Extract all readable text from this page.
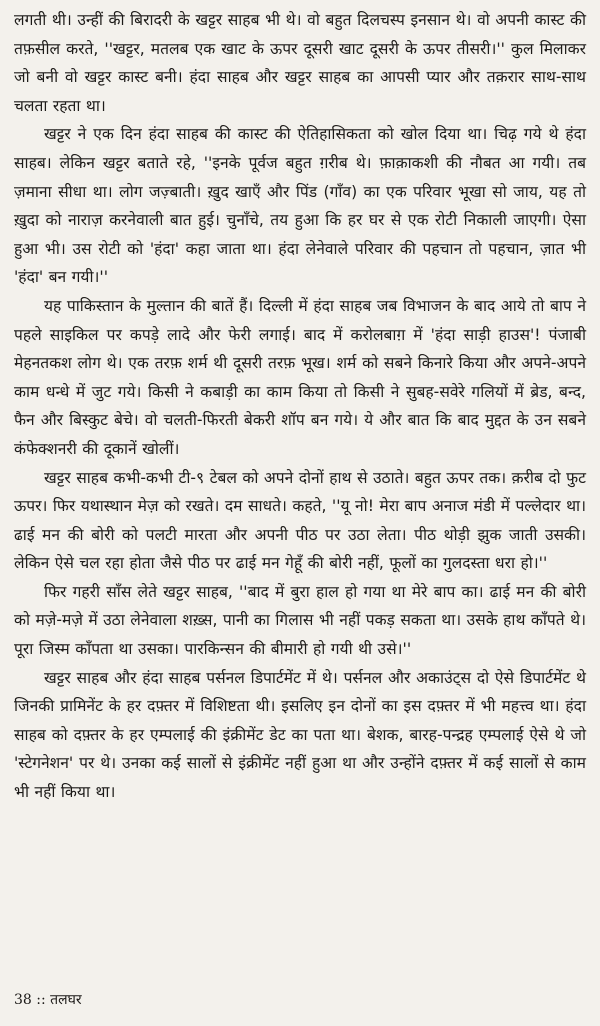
लगती थी। उन्हीं की बिरादरी के खट्टर साहब भी थे। वो बहुत दिलचस्प इनसान थे। वो अपनी कास्ट की तफ़सील करते, ''खट्टर, मतलब एक खाट के ऊपर दूसरी खाट दूसरी के ऊपर तीसरी।'' कुल मिलाकर जो बनी वो खट्टर कास्ट बनी। हंदा साहब और खट्टर साहब का आपसी प्यार और तक़रार साथ-साथ चलता रहता था।

खट्टर ने एक दिन हंदा साहब की कास्ट की ऐतिहासिकता को खोल दिया था। चिढ़ गये थे हंदा साहब। लेकिन खट्टर बताते रहे, ''इनके पूर्वज बहुत ग़रीब थे। फ़ाक़ाकशी की नौबत आ गयी। तब ज़माना सीधा था। लोग जज़्बाती। ख़ुद खाएँ और पिंड (गाँव) का एक परिवार भूखा सो जाय, यह तो ख़ुदा को नाराज़ करनेवाली बात हुई। चुनाँचे, तय हुआ कि हर घर से एक रोटी निकाली जाएगी। ऐसा हुआ भी। उस रोटी को 'हंदा' कहा जाता था। हंदा लेनेवाले परिवार की पहचान तो पहचान, ज़ात भी 'हंदा' बन गयी।''

यह पाकिस्तान के मुल्तान की बातें हैं। दिल्ली में हंदा साहब जब विभाजन के बाद आये तो बाप ने पहले साइकिल पर कपड़े लादे और फेरी लगाई। बाद में करोलबाग़ में 'हंदा साड़ी हाउस'! पंजाबी मेहनतकश लोग थे। एक तरफ़ शर्म थी दूसरी तरफ़ भूख। शर्म को सबने किनारे किया और अपने-अपने काम धन्धे में जुट गये। किसी ने कबाड़ी का काम किया तो किसी ने सुबह-सवेरे गलियों में ब्रेड, बन्द, फैन और बिस्कुट बेचे। वो चलती-फिरती बेकरी शॉप बन गये। ये और बात कि बाद मुद्दत के उन सबने कंफेक्शनरी की दूकानें खोलीं।

खट्टर साहब कभी-कभी टी-९ टेबल को अपने दोनों हाथ से उठाते। बहुत ऊपर तक। क़रीब दो फुट ऊपर। फिर यथास्थान मेज़ को रखते। दम साधते। कहते, ''यू नो! मेरा बाप अनाज मंडी में पल्लेदार था। ढाई मन की बोरी को पलटी मारता और अपनी पीठ पर उठा लेता। पीठ थोड़ी झुक जाती उसकी। लेकिन ऐसे चल रहा होता जैसे पीठ पर ढाई मन गेहूँ की बोरी नहीं, फूलों का गुलदस्ता धरा हो।''

फिर गहरी साँस लेते खट्टर साहब, ''बाद में बुरा हाल हो गया था मेरे बाप का। ढाई मन की बोरी को मज़े-मज़े में उठा लेनेवाला शख़्स, पानी का गिलास भी नहीं पकड़ सकता था। उसके हाथ काँपते थे। पूरा जिस्म काँपता था उसका। पारकिन्सन की बीमारी हो गयी थी उसे।''

खट्टर साहब और हंदा साहब पर्सनल डिपार्टमेंट में थे। पर्सनल और अकाउंट्स दो ऐसे डिपार्टमेंट थे जिनकी प्रामिनेंट के हर दफ़्तर में विशिष्टता थी। इसलिए इन दोनों का इस दफ़्तर में भी महत्त्व था। हंदा साहब को दफ़्तर के हर एम्पलाई की इंक्रीमेंट डेट का पता था। बेशक, बारह-पन्द्रह एम्पलाई ऐसे थे जो 'स्टेगनेशन' पर थे। उनका कई सालों से इंक्रीमेंट नहीं हुआ था और उन्होंने दफ़्तर में कई सालों से काम भी नहीं किया था।

38 :: तलघर
